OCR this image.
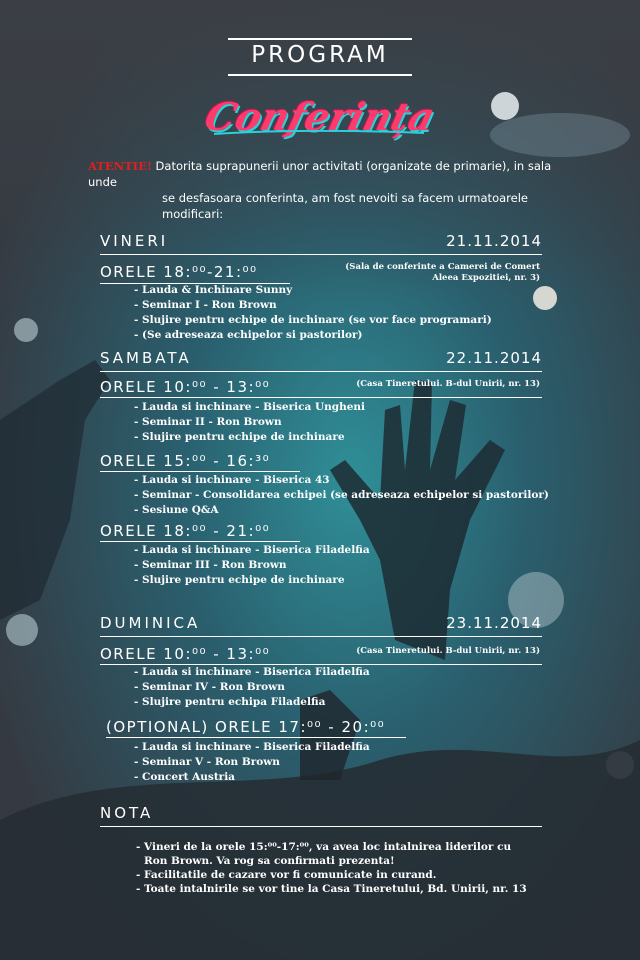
PROGRAM
Conferința
ATENTIE! Datorita suprapunerii unor activitati (organizate de primarie), in sala unde
se desfasoara conferinta, am fost nevoiti sa facem urmatoarele modificari:
VINERI	21.11.2014
ORELE 18:⁰⁰-21:⁰⁰	(Sala de conferinte a Camerei de Comert
Aleea Expozitiei, nr. 3)
- Lauda & Inchinare Sunny
- Seminar I - Ron Brown
- Slujire pentru echipe de inchinare (se vor face programari)
- (Se adreseaza echipelor si pastorilor)
SAMBATA	22.11.2014
ORELE 10:⁰⁰ - 13:⁰⁰	(Casa Tineretului. B-dul Unirii, nr. 13)
- Lauda si inchinare - Biserica Ungheni
- Seminar II - Ron Brown
- Slujire pentru echipe de inchinare
ORELE 15:⁰⁰ - 16:³⁰
- Lauda si inchinare - Biserica 43
- Seminar - Consolidarea echipei (se adreseaza echipelor si pastorilor)
- Sesiune Q&A
ORELE 18:⁰⁰ - 21:⁰⁰
- Lauda si inchinare - Biserica Filadelfia
- Seminar III - Ron Brown
- Slujire pentru echipe de inchinare
DUMINICA	23.11.2014
ORELE 10:⁰⁰ - 13:⁰⁰	(Casa Tineretului. B-dul Unirii, nr. 13)
- Lauda si inchinare - Biserica Filadelfia
- Seminar IV - Ron Brown
- Slujire pentru echipa Filadelfia
(OPTIONAL) ORELE 17:⁰⁰ - 20:⁰⁰
- Lauda si inchinare - Biserica Filadelfia
- Seminar V - Ron Brown
- Concert Austria
NOTA
- Vineri de la orele 15:⁰⁰-17:⁰⁰, va avea loc intalnirea liderilor cu
Ron Brown. Va rog sa confirmati prezenta!
- Facilitatile de cazare vor fi comunicate in curand.
- Toate intalnirile se vor tine la Casa Tineretului, Bd. Unirii, nr. 13
